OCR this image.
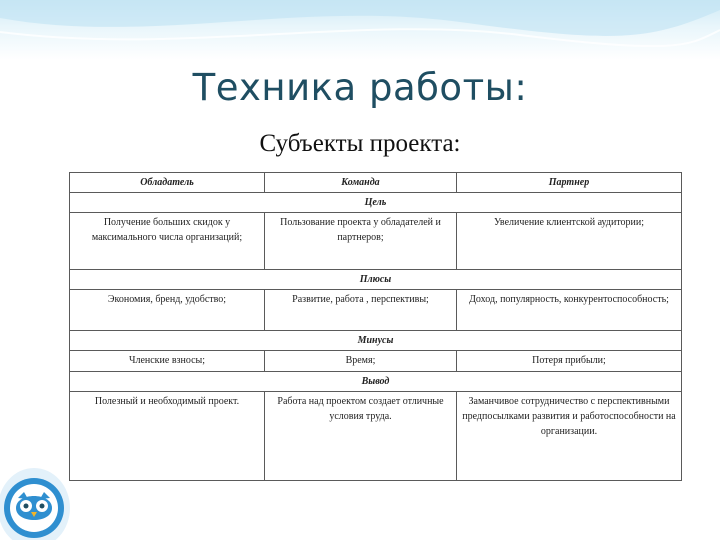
Техника работы:
Субъекты проекта:
Обладатель	Команда	Партнер
Цель		
Получение больших скидок у максимального числа организаций;	Пользование проекта у обладателей и партнеров;	Увеличение клиентской аудитории;
Плюсы		
Экономия, бренд, удобство;	Развитие, работа , перспективы;	Доход, популярность, конкурентоспособность;
Минусы		
Членские взносы;	Время;	Потеря прибыли;
Вывод		
Полезный и необходимый проект.	Работа над проектом создает отличные условия труда.	Заманчивое сотрудничество с перспективными предпосылками развития и работоспособности на организации.
